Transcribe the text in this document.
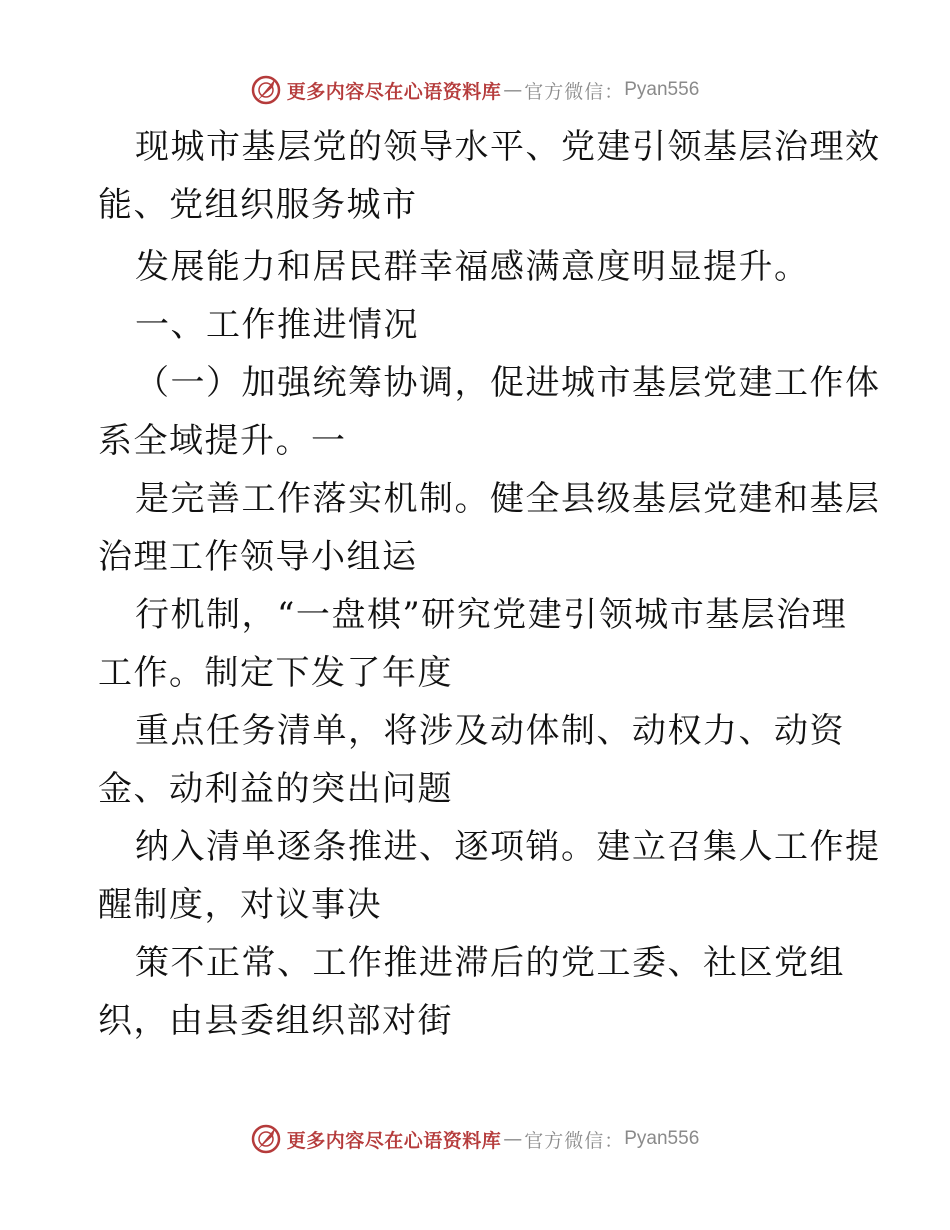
更多内容尽在心语资料库 — 官方微信： Pyan556
现城市基层党的领导水平、党建引领基层治理效
能、党组织服务城市
发展能力和居民群幸福感满意度明显提升。
一、工作推进情况
（一）加强统筹协调，促进城市基层党建工作体
系全域提升。一
是完善工作落实机制。健全县级基层党建和基层
治理工作领导小组运
行机制，“一盘棋”研究党建引领城市基层治理
工作。制定下发了年度
重点任务清单，将涉及动体制、动权力、动资
金、动利益的突出问题
纳入清单逐条推进、逐项销。建立召集人工作提
醒制度，对议事决
策不正常、工作推进滞后的党工委、社区党组
织，由县委组织部对街
更多内容尽在心语资料库 — 官方微信： Pyan556
